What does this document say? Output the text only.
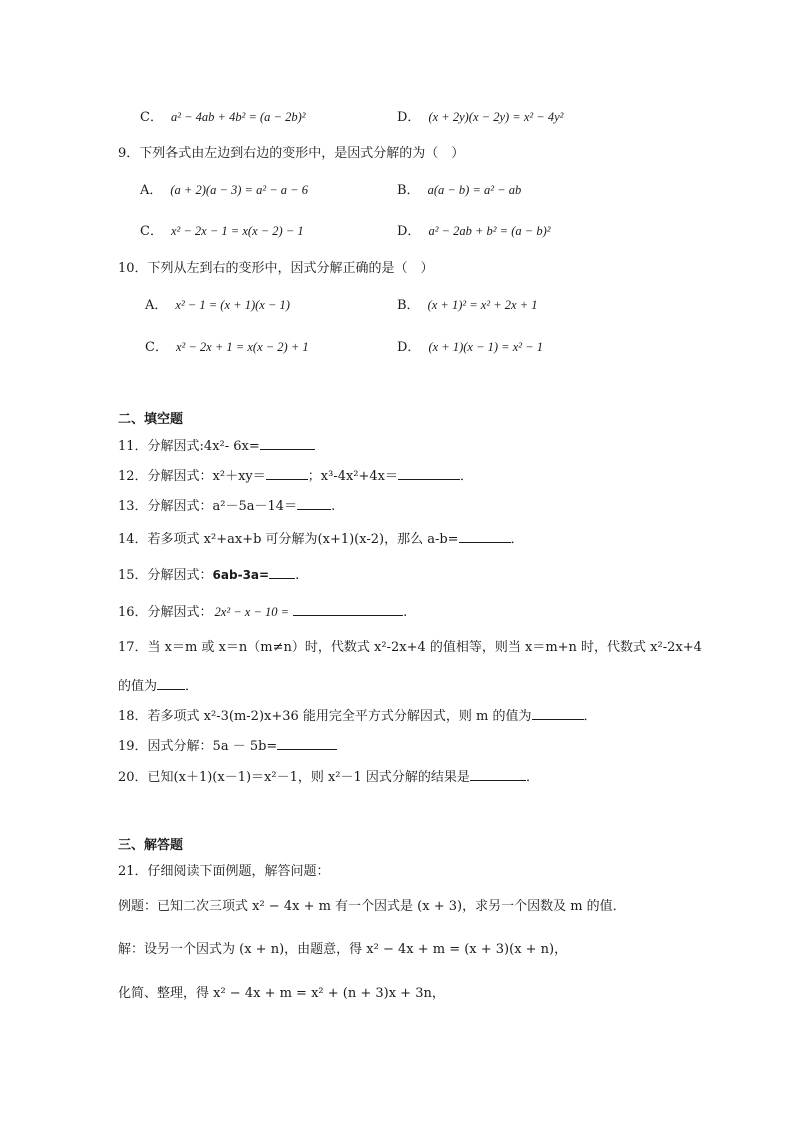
C． a² − 4ab + 4b² = (a − 2b)²	D． (x + 2y)(x − 2y) = x² − 4y²
9．下列各式由左边到右边的变形中，是因式分解的为（　）
A． (a + 2)(a − 3) = a² − a − 6	B． a(a − b) = a² − ab
C． x² − 2x − 1 = x(x − 2) − 1	D． a² − 2ab + b² = (a − b)²
10．下列从左到右的变形中，因式分解正确的是（　）
A． x² − 1 = (x + 1)(x − 1)	B． (x + 1)² = x² + 2x + 1
C． x² − 2x + 1 = x(x − 2) + 1	D． (x + 1)(x − 1) = x² − 1
二、填空题
11．分解因式:4x²- 6x=
12．分解因式：x²＋xy＝	；x³-4x²+4x＝	．
13．分解因式：a²－5a－14＝	.
14．若多项式 x²+ax+b 可分解为(x+1)(x-2)，那么 a-b=	．
15．分解因式：6ab-3a= .
16．分解因式： 2x² − x − 10 =	.
17．当 x＝m 或 x＝n（m≠n）时，代数式 x²-2x+4 的值相等，则当 x＝m+n 时，代数式 x²-2x+4
的值为 ．
18．若多项式 x²-3(m-2)x+36 能用完全平方式分解因式，则 m 的值为	．
19．因式分解：5a － 5b=
20．已知(x＋1)(x－1)＝x²－1，则 x²－1 因式分解的结果是	．
三、解答题
21．仔细阅读下面例题，解答问题：
例题：已知二次三项式 x² − 4x + m 有一个因式是 (x + 3)，求另一个因数及 m 的值．
解：设另一个因式为 (x + n)，由题意，得 x² − 4x + m = (x + 3)(x + n)，
化简、整理，得 x² − 4x + m = x² + (n + 3)x + 3n，
